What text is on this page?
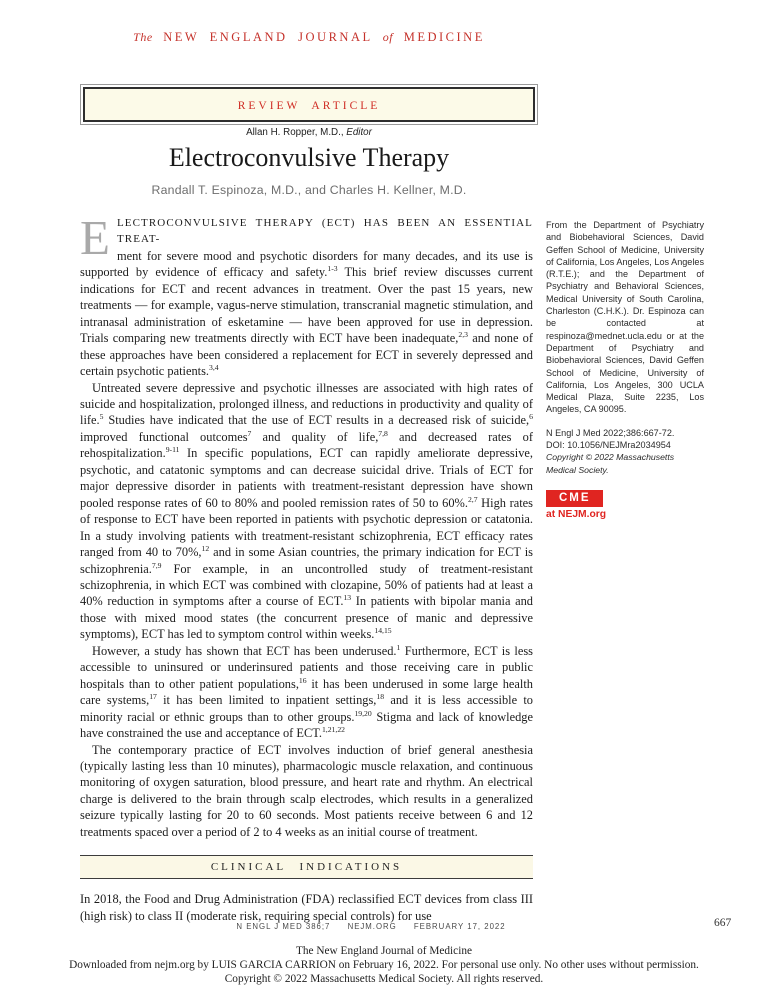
The NEW ENGLAND JOURNAL of MEDICINE
REVIEW ARTICLE
Allan H. Ropper, M.D., Editor
Electroconvulsive Therapy
Randall T. Espinoza, M.D., and Charles H. Kellner, M.D.

E LECTROCONVULSIVE THERAPY (ECT) HAS BEEN AN ESSENTIAL TREAT-
ment for severe mood and psychotic disorders for many decades, and its use is supported by evidence of efficacy and safety.$^{1-3}$ This brief review discusses current indications for ECT and recent advances in treatment. Over the past 15 years, new treatments — for example, vagus-nerve stimulation, transcranial magnetic stimulation, and intranasal administration of esketamine — have been approved for use in depression. Trials comparing new treatments directly with ECT have been inadequate,$^{2,3}$ and none of these approaches have been considered a replacement for ECT in severely depressed and certain psychotic patients.$^{3,4}$

Untreated severe depressive and psychotic illnesses are associated with high rates of suicide and hospitalization, prolonged illness, and reductions in productivity and quality of life.$^5$ Studies have indicated that the use of ECT results in a decreased risk of suicide,$^6$ improved functional outcomes$^7$ and quality of life,$^{7,8}$ and decreased rates of rehospitalization.$^{9-11}$ In specific populations, ECT can rapidly ameliorate depressive, psychotic, and catatonic symptoms and can decrease suicidal drive. Trials of ECT for major depressive disorder in patients with treatment-resistant depression have shown pooled response rates of 60 to 80% and pooled remission rates of 50 to 60%.$^{2,7}$ High rates of response to ECT have been reported in patients with psychotic depression or catatonia. In a study involving patients with treatment-resistant schizophrenia, ECT efficacy rates ranged from 40 to 70%,$^{12}$ and in some Asian countries, the primary indication for ECT is schizophrenia.$^{7,9}$ For example, in an uncontrolled study of treatment-resistant schizophrenia, in which ECT was combined with clozapine, 50% of patients had at least a 40% reduction in symptoms after a course of ECT.$^{13}$ In patients with bipolar mania and those with mixed mood states (the concurrent presence of manic and depressive symptoms), ECT has led to symptom control within weeks.$^{14,15}$

However, a study has shown that ECT has been underused.$^1$ Furthermore, ECT is less accessible to uninsured or underinsured patients and those receiving care in public hospitals than to other patient populations,$^{16}$ it has been underused in some large health care systems,$^{17}$ it has been limited to inpatient settings,$^{18}$ and it is less accessible to minority racial or ethnic groups than to other groups.$^{19,20}$ Stigma and lack of knowledge have constrained the use and acceptance of ECT.$^{1,21,22}$

The contemporary practice of ECT involves induction of brief general anesthesia (typically lasting less than 10 minutes), pharmacologic muscle relaxation, and continuous monitoring of oxygen saturation, blood pressure, and heart rate and rhythm. An electrical charge is delivered to the brain through scalp electrodes, which results in a generalized seizure typically lasting for 20 to 60 seconds. Most patients receive between 6 and 12 treatments spaced over a period of 2 to 4 weeks as an initial course of treatment.

CLINICAL INDICATIONS

In 2018, the Food and Drug Administration (FDA) reclassified ECT devices from class III (high risk) to class II (moderate risk, requiring special controls) for use

From the Department of Psychiatry and Biobehavioral Sciences, David Geffen School of Medicine, University of California, Los Angeles, Los Angeles (R.T.E.); and the Department of Psychiatry and Behavioral Sciences, Medical University of South Carolina, Charleston (C.H.K.). Dr. Espinoza can be contacted at respinoza@mednet.ucla.edu or at the Department of Psychiatry and Biobehavioral Sciences, David Geffen School of Medicine, University of California, Los Angeles, 300 UCLA Medical Plaza, Suite 2235, Los Angeles, CA 90095.
N Engl J Med 2022;386:667-72.
DOI: 10.1056/NEJMra2034954
Copyright © 2022 Massachusetts Medical Society.
CME
at NEJM.org
N ENGL J MED 386;7 NEJM.ORG FEBRUARY 17, 2022	667
The New England Journal of Medicine
Downloaded from nejm.org by LUIS GARCIA CARRION on February 16, 2022. For personal use only. No other uses without permission.
Copyright © 2022 Massachusetts Medical Society. All rights reserved.
